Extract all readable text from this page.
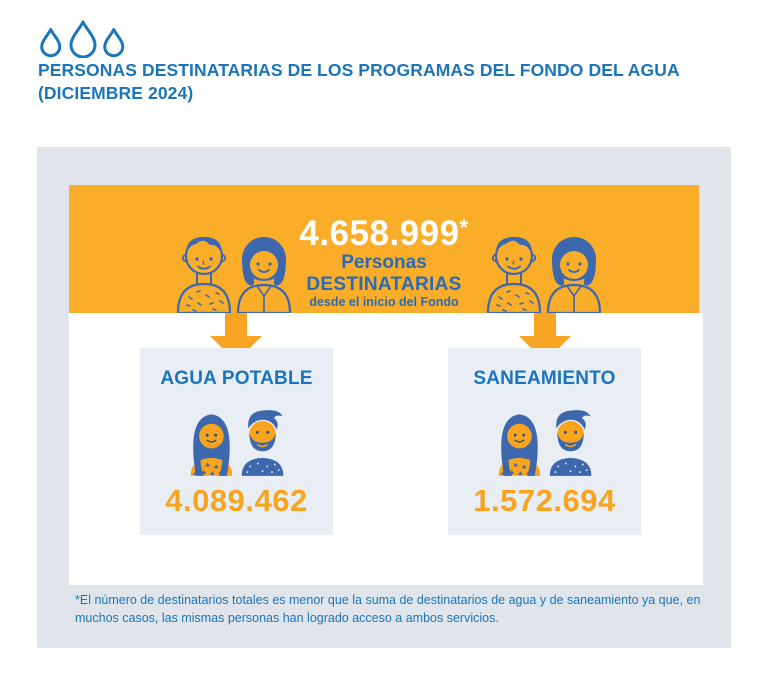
PERSONAS DESTINATARIAS DE LOS PROGRAMAS DEL FONDO DEL AGUA
(DICIEMBRE 2024)
4.658.999*
Personas
DESTINATARIAS
desde el inicio del Fondo
AGUA POTABLE
4.089.462
SANEAMIENTO
1.572.694
*El número de destinatarios totales es menor que la suma de destinatarios de agua y de saneamiento ya que, en muchos casos, las mismas personas han logrado acceso a ambos servicios.
